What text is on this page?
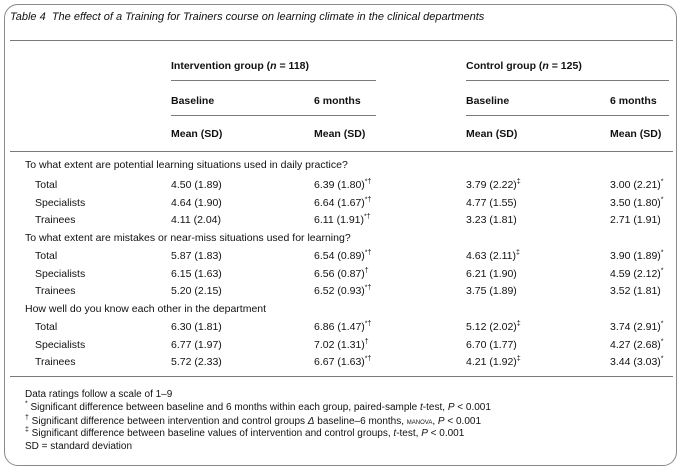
Table 4 The effect of a Training for Trainers course on learning climate in the clinical departments
Intervention group (n = 118)	Control group (n = 125)
Baseline	6 months	Baseline	6 months
Mean (SD)	Mean (SD)	Mean (SD)	Mean (SD)
To what extent are potential learning situations used in daily practice?
Total	4.50 (1.89)	6.39 (1.80)*†	3.79 (2.22)‡	3.00 (2.21)*
Specialists	4.64 (1.90)	6.64 (1.67)*†	4.77 (1.55)	3.50 (1.80)*
Trainees	4.11 (2.04)	6.11 (1.91)*†	3.23 (1.81)	2.71 (1.91)
To what extent are mistakes or near-miss situations used for learning?
Total	5.87 (1.83)	6.54 (0.89)*†	4.63 (2.11)‡	3.90 (1.89)*
Specialists	6.15 (1.63)	6.56 (0.87)†	6.21 (1.90)	4.59 (2.12)*
Trainees	5.20 (2.15)	6.52 (0.93)*†	3.75 (1.89)	3.52 (1.81)
How well do you know each other in the department
Total	6.30 (1.81)	6.86 (1.47)*†	5.12 (2.02)‡	3.74 (2.91)*
Specialists	6.77 (1.97)	7.02 (1.31)†	6.70 (1.77)	4.27 (2.68)*
Trainees	5.72 (2.33)	6.67 (1.63)*†	4.21 (1.92)‡	3.44 (3.03)*
Data ratings follow a scale of 1–9
* Significant difference between baseline and 6 months within each group, paired-sample t-test, P < 0.001
† Significant difference between intervention and control groups Δ baseline–6 months, manova, P < 0.001
‡ Significant difference between baseline values of intervention and control groups, t-test, P < 0.001
SD = standard deviation
